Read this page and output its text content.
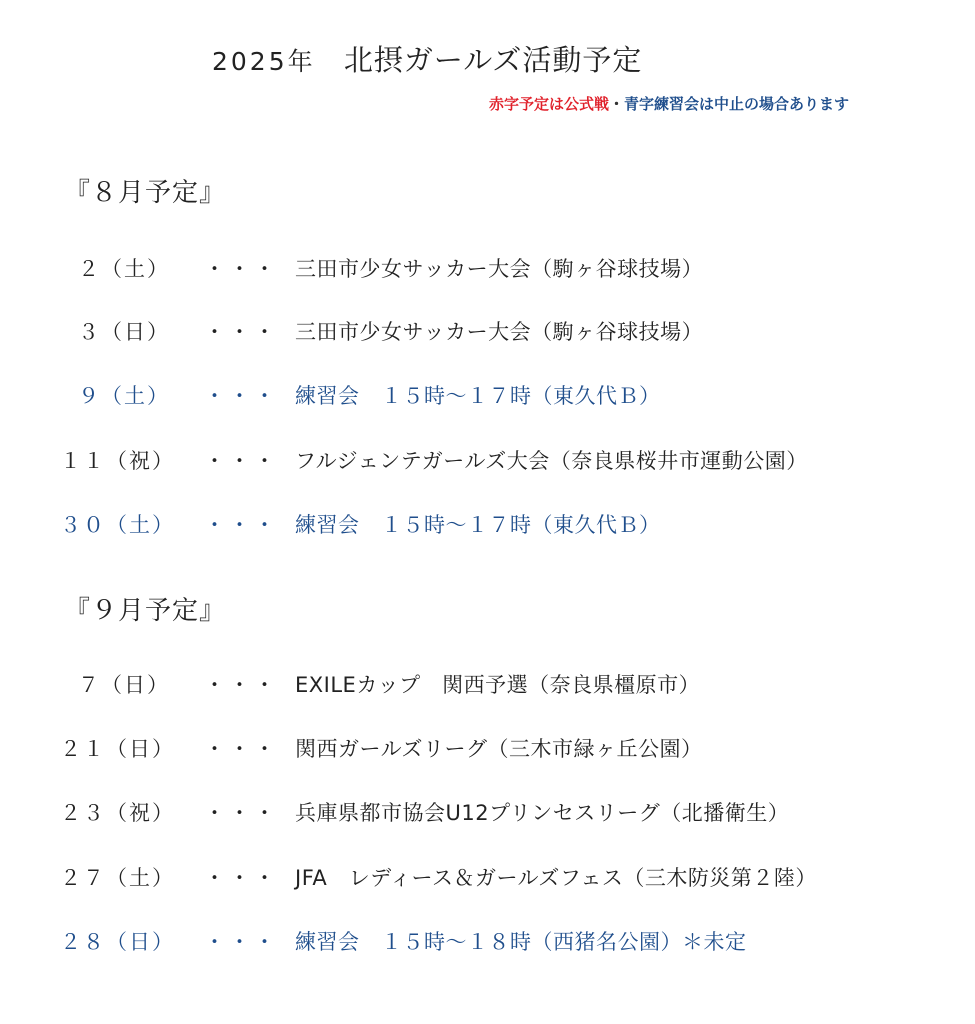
2025年 北摂ガールズ活動予定
赤字予定は公式戦・青字練習会は中止の場合あります
『８月予定』
２（土） ・・・ 三田市少女サッカー大会（駒ヶ谷球技場）
３（日） ・・・ 三田市少女サッカー大会（駒ヶ谷球技場）
９（土） ・・・ 練習会　１５時～１７時（東久代Ｂ）
１１（祝） ・・・ フルジェンテガールズ大会（奈良県桜井市運動公園）
３０（土） ・・・ 練習会　１５時～１７時（東久代Ｂ）
『９月予定』
７（日） ・・・ EXILEカップ　関西予選（奈良県橿原市）
２１（日） ・・・ 関西ガールズリーグ（三木市緑ヶ丘公園）
２３（祝） ・・・ 兵庫県都市協会U12プリンセスリーグ（北播衛生）
２７（土） ・・・ JFA　レディース＆ガールズフェス（三木防災第２陸）
２８（日） ・・・ 練習会　１５時～１８時（西猪名公園）＊未定
